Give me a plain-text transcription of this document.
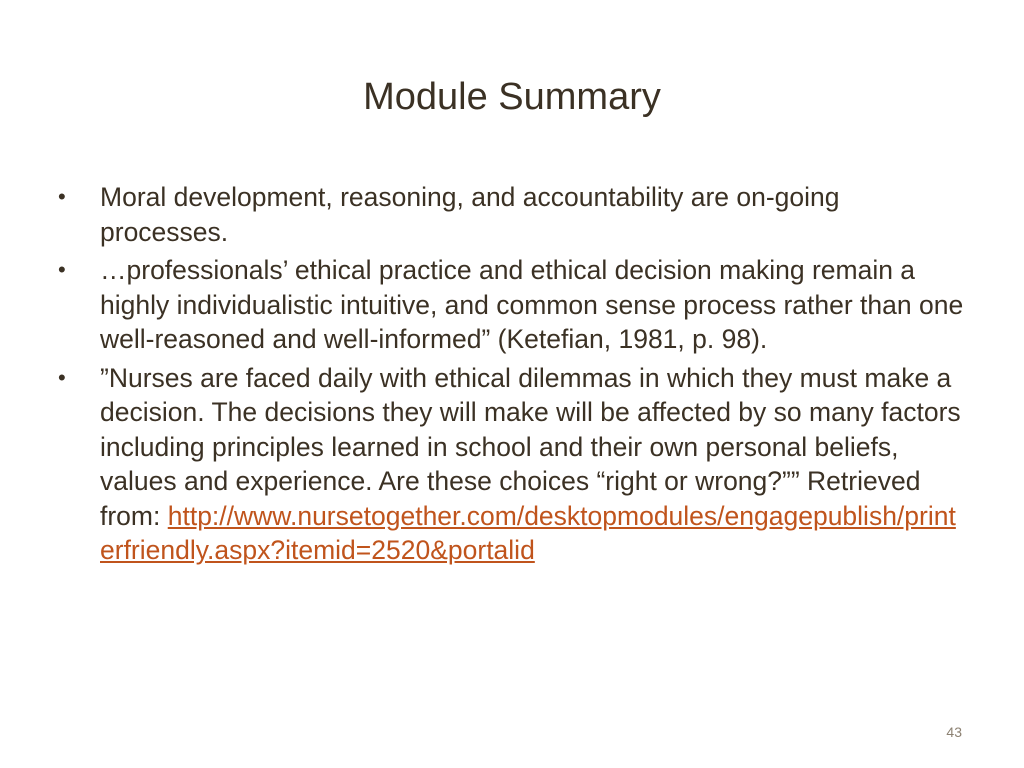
Module Summary
•	Moral development, reasoning, and accountability are on-going processes.
•	…professionals’ ethical practice and ethical decision making remain a highly individualistic intuitive, and common sense process rather than one well-reasoned and well-informed” (Ketefian, 1981, p. 98).
•	”Nurses are faced daily with ethical dilemmas in which they must make a decision. The decisions they will make will be affected by so many factors including principles learned in school and their own personal beliefs, values and experience. Are these choices “right or wrong?”” Retrieved from: http://www.nursetogether.com/desktopmodules/engagepublish/printerfriendly.aspx?itemid=2520&portalid
43
